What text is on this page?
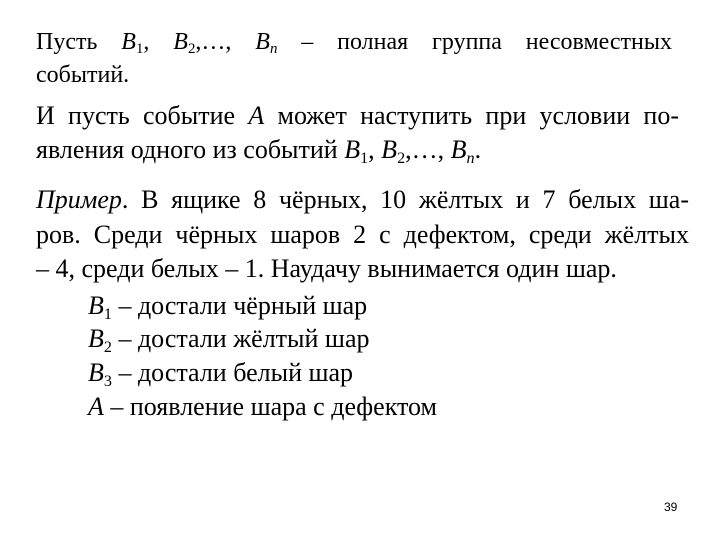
Пусть B1, B2,…, Bn – полная группа несовместных
событий.
И пусть событие A может наступить при условии по-
явления одного из событий B1, B2,…, Bn.
Пример. В ящике 8 чёрных, 10 жёлтых и 7 белых ша-
ров. Среди чёрных шаров 2 с дефектом, среди жёлтых
– 4, среди белых – 1. Наудачу вынимается один шар.
B1 – достали чёрный шар
B2 – достали жёлтый шар
B3 – достали белый шар
A – появление шара с дефектом
39
